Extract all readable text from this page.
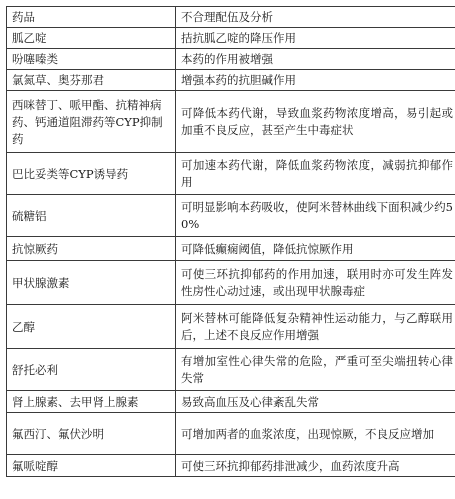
药品	不合理配伍及分析
胍乙啶	拮抗胍乙啶的降压作用
吩噻嗪类	本药的作用被增强
氯氮草、奥芬那君	增强本药的抗胆碱作用
西咪替丁、哌甲酯、抗精神病药、钙通道阻滞药等CYP抑制药	可降低本药代谢，导致血浆药物浓度增高，易引起或加重不良反应，甚至产生中毒症状
巴比妥类等CYP诱导药	可加速本药代谢，降低血浆药物浓度，减弱抗抑郁作用
硫糖铝	可明显影响本药吸收，使阿米替林曲线下面积减少约50%
抗惊厥药	可降低癫痫阈值，降低抗惊厥作用
甲状腺激素	可使三环抗抑郁药的作用加速，联用时亦可发生阵发性房性心动过速，或出现甲状腺毒症
乙醇	阿米替林可能降低复杂精神性运动能力，与乙醇联用后，上述不良反应作用增强
舒托必利	有增加室性心律失常的危险，严重可至尖端扭转心律失常
肾上腺素、去甲肾上腺素	易致高血压及心律紊乱失常
氟西汀、氟伏沙明	可增加两者的血浆浓度，出现惊厥，不良反应增加
氟哌啶醇	可使三环抗抑郁药排泄减少，血药浓度升高
